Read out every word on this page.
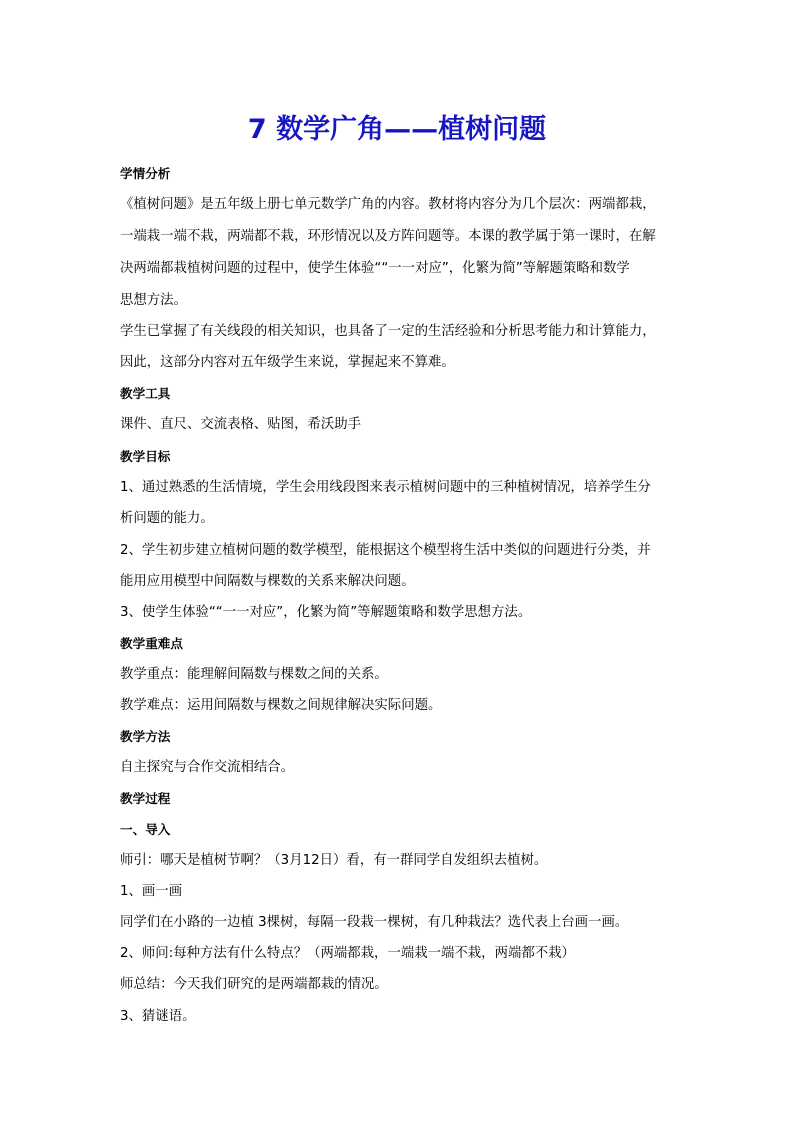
7 数学广角——植树问题
学情分析
《植树问题》是五年级上册七单元数学广角的内容。教材将内容分为几个层次：两端都栽，
一端栽一端不栽，两端都不栽，环形情况以及方阵问题等。本课的教学属于第一课时，在解
决两端都栽植树问题的过程中，使学生体验““一一对应”，化繁为简”等解题策略和数学
思想方法。
学生已掌握了有关线段的相关知识，也具备了一定的生活经验和分析思考能力和计算能力，
因此，这部分内容对五年级学生来说，掌握起来不算难。
教学工具
课件、直尺、交流表格、贴图，希沃助手
教学目标
1、通过熟悉的生活情境，学生会用线段图来表示植树问题中的三种植树情况，培养学生分
析问题的能力。
2、学生初步建立植树问题的数学模型，能根据这个模型将生活中类似的问题进行分类，并
能用应用模型中间隔数与棵数的关系来解决问题。
3、使学生体验““一一对应”，化繁为简”等解题策略和数学思想方法。
教学重难点
教学重点：能理解间隔数与棵数之间的关系。
教学难点：运用间隔数与棵数之间规律解决实际问题。
教学方法
自主探究与合作交流相结合。
教学过程
一、导入
师引：哪天是植树节啊？（3月12日）看，有一群同学自发组织去植树。
1、画一画
同学们在小路的一边植 3棵树，每隔一段栽一棵树，有几种栽法？选代表上台画一画。
2、师问:每种方法有什么特点？（两端都栽，一端栽一端不栽，两端都不栽）
师总结：今天我们研究的是两端都栽的情况。
3、猜谜语。
